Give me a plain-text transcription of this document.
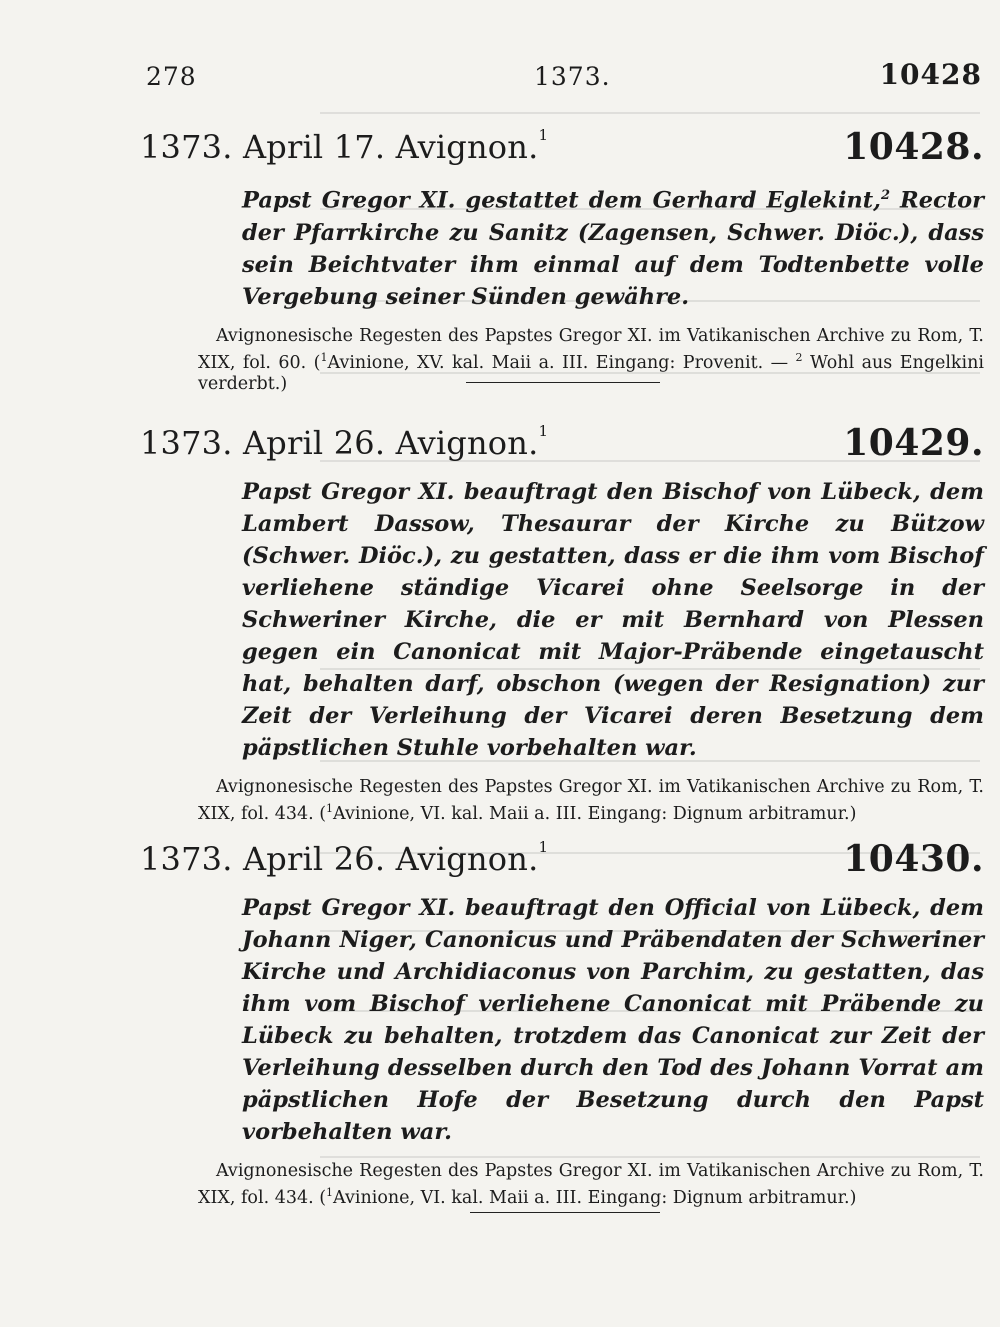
278	1373.	10428
1373. April 17. Avignon.$^1$	10428.
Papst Gregor XI. gestattet dem Gerhard Eglekint,$^2$ Rector der Pfarrkirche zu Sanitz (Zagensen, Schwer. Diöc.), dass sein Beichtvater ihm einmal auf dem Todtenbette volle Vergebung seiner Sünden gewähre.
Avignonesische Regesten des Papstes Gregor XI. im Vatikanischen Archive zu Rom, T. XIX, fol. 60. ($^1$Avinione, XV. kal. Maii a. III. Eingang: Provenit. — $^2$ Wohl aus Engelkini verderbt.)
1373. April 26. Avignon.$^1$	10429.
Papst Gregor XI. beauftragt den Bischof von Lübeck, dem Lambert Dassow, Thesaurar der Kirche zu Bützow (Schwer. Diöc.), zu gestatten, dass er die ihm vom Bischof verliehene ständige Vicarei ohne Seelsorge in der Schweriner Kirche, die er mit Bernhard von Plessen gegen ein Canonicat mit Major-Präbende eingetauscht hat, behalten darf, obschon (wegen der Resignation) zur Zeit der Verleihung der Vicarei deren Besetzung dem päpstlichen Stuhle vorbehalten war.
Avignonesische Regesten des Papstes Gregor XI. im Vatikanischen Archive zu Rom, T. XIX, fol. 434. ($^1$Avinione, VI. kal. Maii a. III. Eingang: Dignum arbitramur.)
1373. April 26. Avignon.$^1$	10430.
Papst Gregor XI. beauftragt den Official von Lübeck, dem Johann Niger, Canonicus und Präbendaten der Schweriner Kirche und Archidiaconus von Parchim, zu gestatten, das ihm vom Bischof verliehene Canonicat mit Präbende zu Lübeck zu behalten, trotzdem das Canonicat zur Zeit der Verleihung desselben durch den Tod des Johann Vorrat am päpstlichen Hofe der Besetzung durch den Papst vorbehalten war.
Avignonesische Regesten des Papstes Gregor XI. im Vatikanischen Archive zu Rom, T. XIX, fol. 434. ($^1$Avinione, VI. kal. Maii a. III. Eingang: Dignum arbitramur.)
